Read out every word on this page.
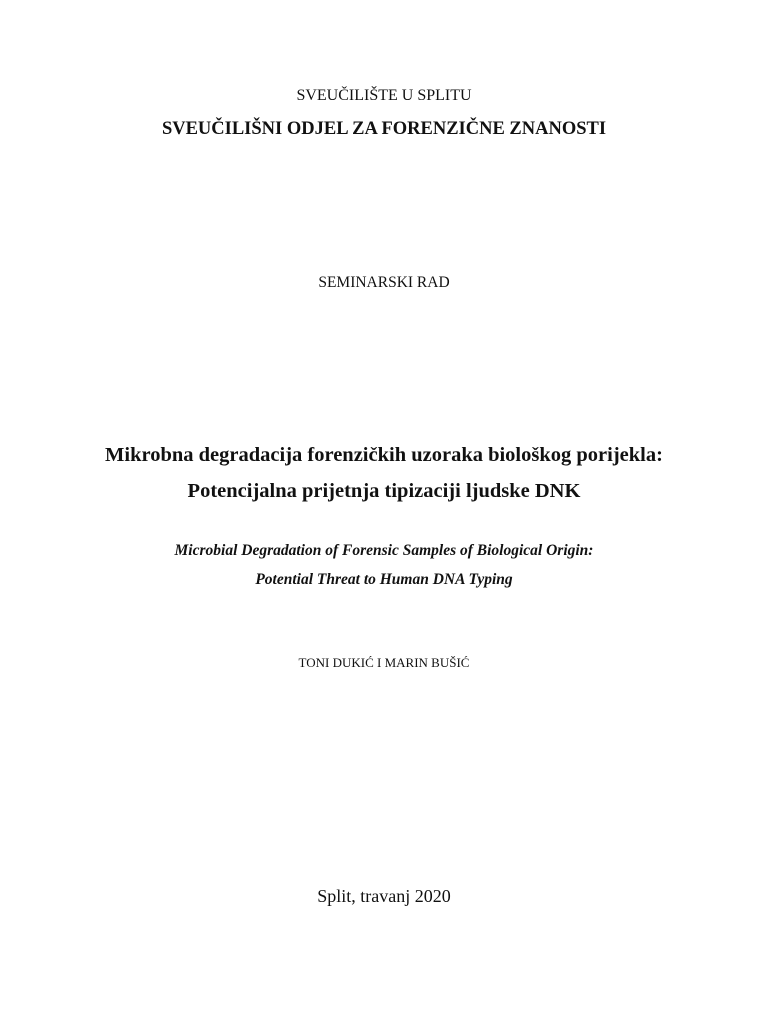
SVEUČILIŠTE U SPLITU
SVEUČILIŠNI ODJEL ZA FORENZIČNE ZNANOSTI
SEMINARSKI RAD
Mikrobna degradacija forenzičkih uzoraka biološkog porijekla:
Potencijalna prijetnja tipizaciji ljudske DNK
Microbial Degradation of Forensic Samples of Biological Origin:
Potential Threat to Human DNA Typing
TONI DUKIĆ I MARIN BUŠIĆ
Split, travanj 2020
